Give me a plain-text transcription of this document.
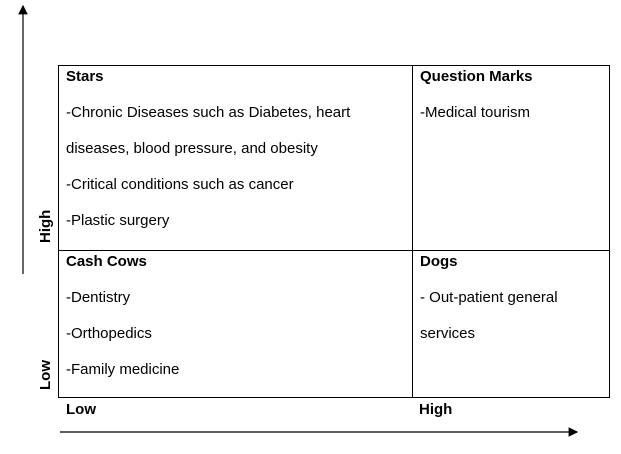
High
Low
Low	High
Stars
-Chronic Diseases such as Diabetes, heart
diseases, blood pressure, and obesity
-Critical conditions such as cancer
-Plastic surgery
Question Marks
-Medical tourism
Cash Cows
-Dentistry
-Orthopedics
-Family medicine
Dogs
- Out-patient general
services
